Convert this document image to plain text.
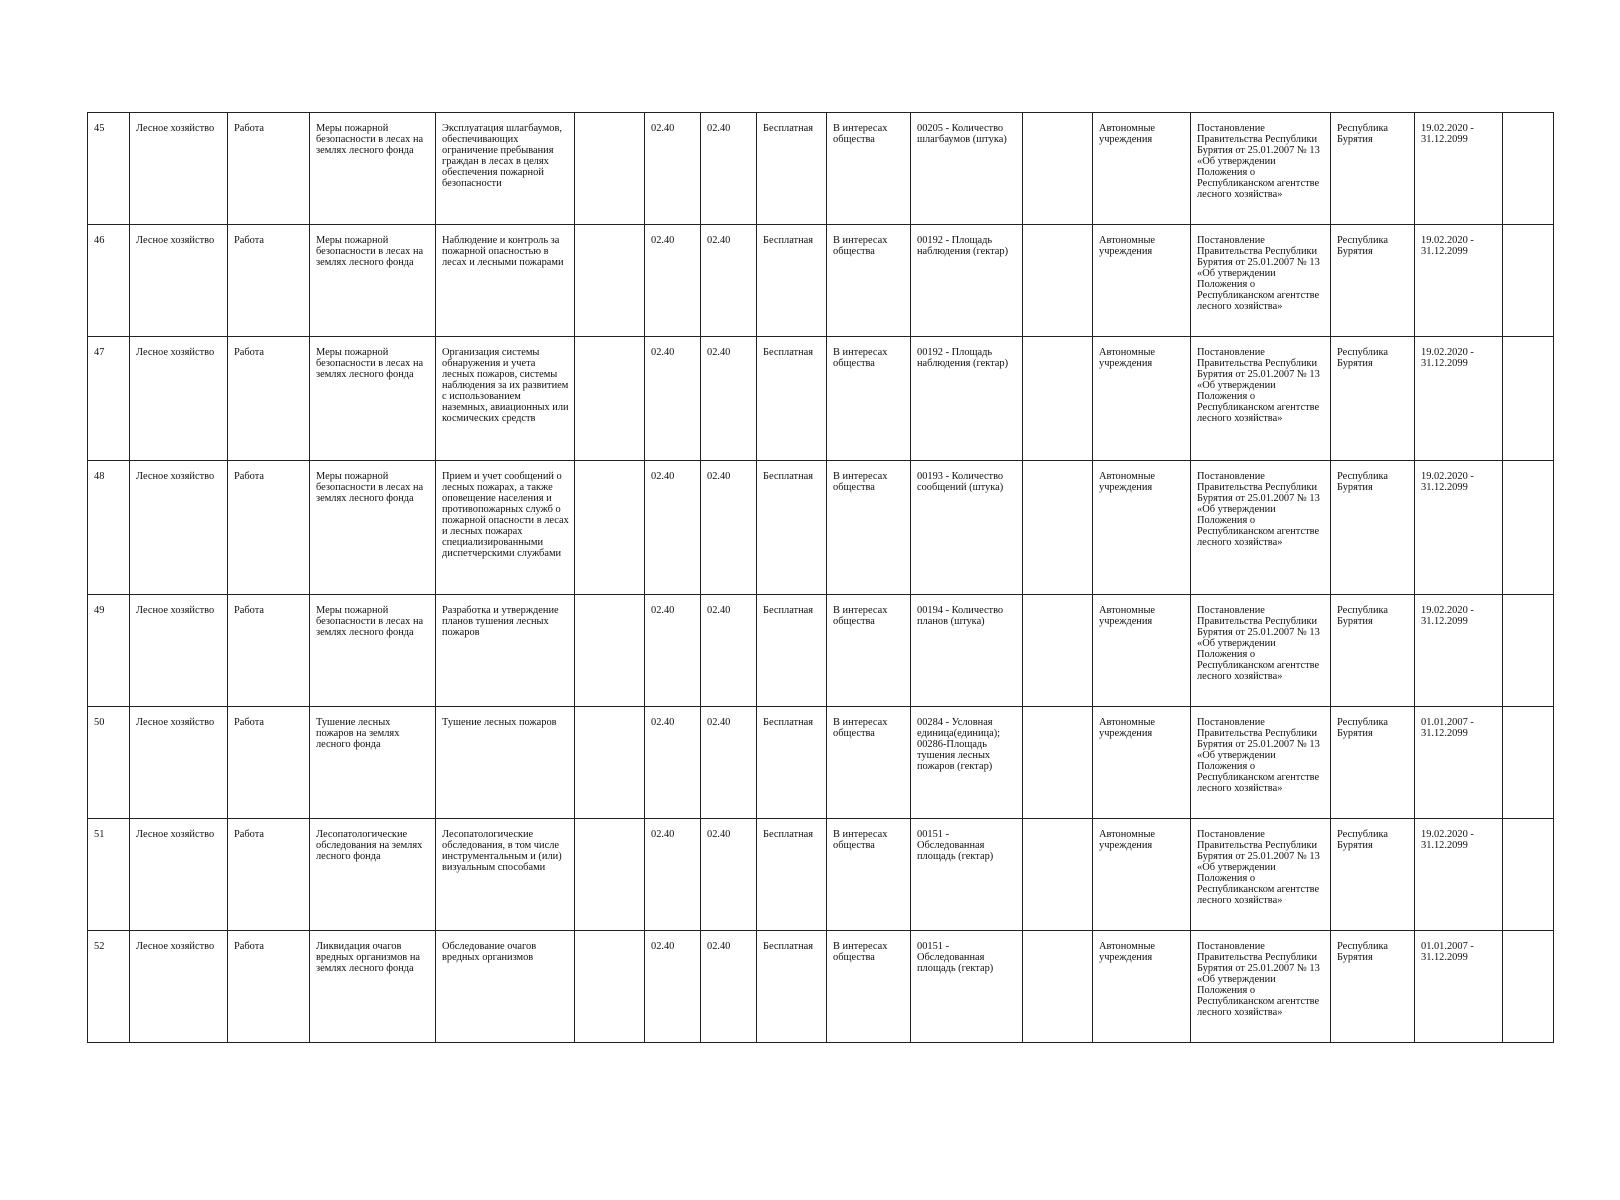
45	Лесное хозяйство	Работа	Меры пожарной безопасности в лесах на землях лесного фонда	Эксплуатация шлагбаумов, обеспечивающих ограничение пребывания граждан в лесах в целях обеспечения пожарной безопасности		02.40	02.40	Бесплатная	В интересах общества	00205 - Количество шлагбаумов (штука)		Автономные учреждения	Постановление Правительства Республики Бурятия от 25.01.2007 № 13 «Об утверждении Положения о Республиканском агентстве лесного хозяйства»	Республика Бурятия	19.02.2020 - 31.12.2099	
46	Лесное хозяйство	Работа	Меры пожарной безопасности в лесах на землях лесного фонда	Наблюдение и контроль за пожарной опасностью в лесах и лесными пожарами		02.40	02.40	Бесплатная	В интересах общества	00192 - Площадь наблюдения (гектар)		Автономные учреждения	Постановление Правительства Республики Бурятия от 25.01.2007 № 13 «Об утверждении Положения о Республиканском агентстве лесного хозяйства»	Республика Бурятия	19.02.2020 - 31.12.2099	
47	Лесное хозяйство	Работа	Меры пожарной безопасности в лесах на землях лесного фонда	Организация системы обнаружения и учета лесных пожаров, системы наблюдения за их развитием с использованием наземных, авиационных или космических средств		02.40	02.40	Бесплатная	В интересах общества	00192 - Площадь наблюдения (гектар)		Автономные учреждения	Постановление Правительства Республики Бурятия от 25.01.2007 № 13 «Об утверждении Положения о Республиканском агентстве лесного хозяйства»	Республика Бурятия	19.02.2020 - 31.12.2099	
48	Лесное хозяйство	Работа	Меры пожарной безопасности в лесах на землях лесного фонда	Прием и учет сообщений о лесных пожарах, а также оповещение населения и противопожарных служб о пожарной опасности в лесах и лесных пожарах специализированными диспетчерскими службами		02.40	02.40	Бесплатная	В интересах общества	00193 - Количество сообщений (штука)		Автономные учреждения	Постановление Правительства Республики Бурятия от 25.01.2007 № 13 «Об утверждении Положения о Республиканском агентстве лесного хозяйства»	Республика Бурятия	19.02.2020 - 31.12.2099	
49	Лесное хозяйство	Работа	Меры пожарной безопасности в лесах на землях лесного фонда	Разработка и утверждение планов тушения лесных пожаров		02.40	02.40	Бесплатная	В интересах общества	00194 - Количество планов (штука)		Автономные учреждения	Постановление Правительства Республики Бурятия от 25.01.2007 № 13 «Об утверждении Положения о Республиканском агентстве лесного хозяйства»	Республика Бурятия	19.02.2020 - 31.12.2099	
50	Лесное хозяйство	Работа	Тушение лесных пожаров на землях лесного фонда	Тушение лесных пожаров		02.40	02.40	Бесплатная	В интересах общества	00284 - Условная единица(единица); 00286-Площадь тушения лесных пожаров (гектар)		Автономные учреждения	Постановление Правительства Республики Бурятия от 25.01.2007 № 13 «Об утверждении Положения о Республиканском агентстве лесного хозяйства»	Республика Бурятия	01.01.2007 - 31.12.2099	
51	Лесное хозяйство	Работа	Лесопатологические обследования на землях лесного фонда	Лесопатологические обследования, в том числе инструментальным и (или) визуальным способами		02.40	02.40	Бесплатная	В интересах общества	00151 - Обследованная площадь (гектар)		Автономные учреждения	Постановление Правительства Республики Бурятия от 25.01.2007 № 13 «Об утверждении Положения о Республиканском агентстве лесного хозяйства»	Республика Бурятия	19.02.2020 - 31.12.2099	
52	Лесное хозяйство	Работа	Ликвидация очагов вредных организмов на землях лесного фонда	Обследование очагов вредных организмов		02.40	02.40	Бесплатная	В интересах общества	00151 - Обследованная площадь (гектар)		Автономные учреждения	Постановление Правительства Республики Бурятия от 25.01.2007 № 13 «Об утверждении Положения о Республиканском агентстве лесного хозяйства»	Республика Бурятия	01.01.2007 - 31.12.2099	
